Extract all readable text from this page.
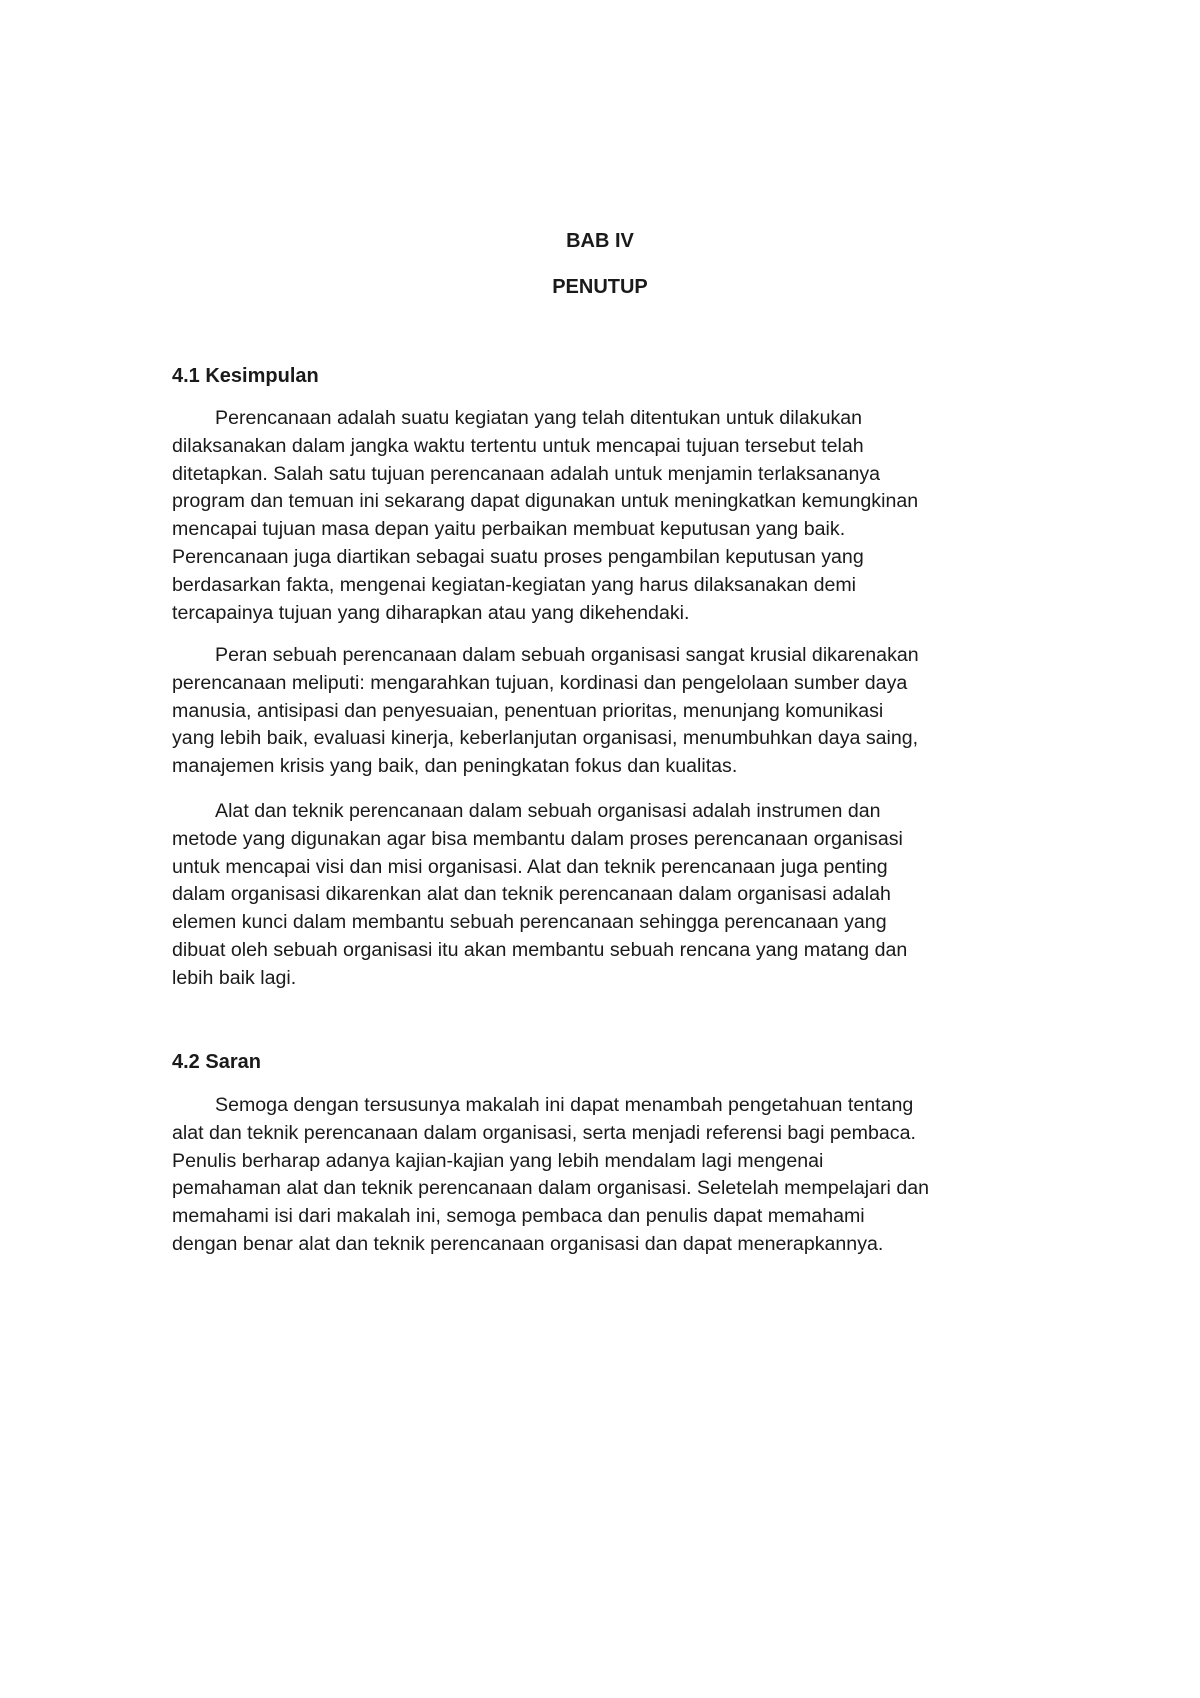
BAB IV
PENUTUP
4.1 Kesimpulan

Perencanaan adalah suatu kegiatan yang telah ditentukan untuk dilakukan
dilaksanakan dalam jangka waktu tertentu untuk mencapai tujuan tersebut telah
ditetapkan. Salah satu tujuan perencanaan adalah untuk menjamin terlaksananya
program dan temuan ini sekarang dapat digunakan untuk meningkatkan kemungkinan
mencapai tujuan masa depan yaitu perbaikan membuat keputusan yang baik.
Perencanaan juga diartikan sebagai suatu proses pengambilan keputusan yang
berdasarkan fakta, mengenai kegiatan-kegiatan yang harus dilaksanakan demi
tercapainya tujuan yang diharapkan atau yang dikehendaki.

Peran sebuah perencanaan dalam sebuah organisasi sangat krusial dikarenakan
perencanaan meliputi: mengarahkan tujuan, kordinasi dan pengelolaan sumber daya
manusia, antisipasi dan penyesuaian, penentuan prioritas, menunjang komunikasi
yang lebih baik, evaluasi kinerja, keberlanjutan organisasi, menumbuhkan daya saing,
manajemen krisis yang baik, dan peningkatan fokus dan kualitas.

Alat dan teknik perencanaan dalam sebuah organisasi adalah instrumen dan
metode yang digunakan agar bisa membantu dalam proses perencanaan organisasi
untuk mencapai visi dan misi organisasi. Alat dan teknik perencanaan juga penting
dalam organisasi dikarenkan alat dan teknik perencanaan dalam organisasi adalah
elemen kunci dalam membantu sebuah perencanaan sehingga perencanaan yang
dibuat oleh sebuah organisasi itu akan membantu sebuah rencana yang matang dan
lebih baik lagi.

4.2 Saran

Semoga dengan tersusunya makalah ini dapat menambah pengetahuan tentang
alat dan teknik perencanaan dalam organisasi, serta menjadi referensi bagi pembaca.
Penulis berharap adanya kajian-kajian yang lebih mendalam lagi mengenai
pemahaman alat dan teknik perencanaan dalam organisasi. Seletelah mempelajari dan
memahami isi dari makalah ini, semoga pembaca dan penulis dapat memahami
dengan benar alat dan teknik perencanaan organisasi dan dapat menerapkannya.
